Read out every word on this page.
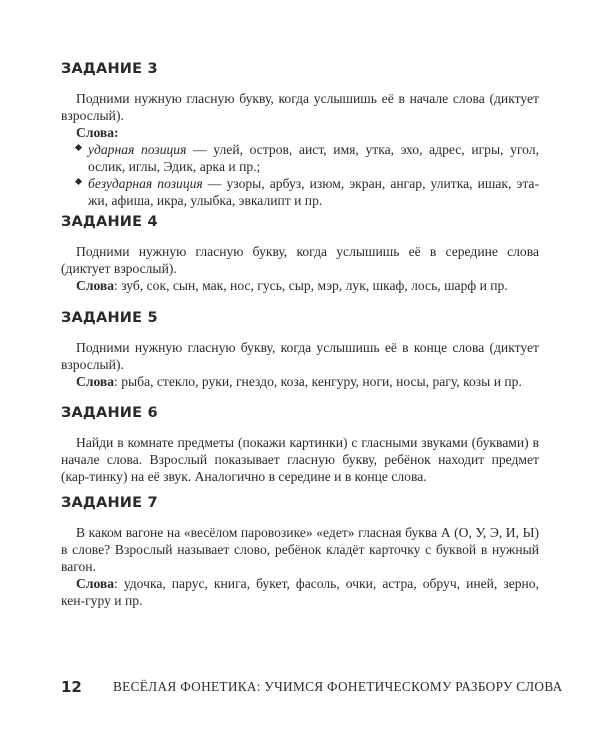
ЗАДАНИЕ 3

Подними нужную гласную букву, когда услышишь её в начале слова (диктует взрослый).

Слова:

ударная позиция — улей, остров, аист, имя, утка, эхо, адрес, игры, угол, ослик, иглы, Эдик, арка и пр.;
безударная позиция — узоры, арбуз, изюм, экран, ангар, улитка, ишак, эта-жи, афиша, икра, улыбка, эвкалипт и пр.
ЗАДАНИЕ 4

Подними нужную гласную букву, когда услышишь её в середине слова (диктует взрослый).

Слова: зуб, сок, сын, мак, нос, гусь, сыр, мэр, лук, шкаф, лось, шарф и пр.

ЗАДАНИЕ 5

Подними нужную гласную букву, когда услышишь её в конце слова (диктует взрослый).

Слова: рыба, стекло, руки, гнездо, коза, кенгуру, ноги, носы, рагу, козы и пр.

ЗАДАНИЕ 6

Найди в комнате предметы (покажи картинки) с гласными звуками (буквами) в начале слова. Взрослый показывает гласную букву, ребёнок находит предмет (кар-тинку) на её звук. Аналогично в середине и в конце слова.

ЗАДАНИЕ 7

В каком вагоне на «весёлом паровозике» «едет» гласная буква А (О, У, Э, И, Ы) в слове? Взрослый называет слово, ребёнок кладёт карточку с буквой в нужный вагон.

Слова: удочка, парус, книга, букет, фасоль, очки, астра, обруч, иней, зерно, кен-гуру и пр.

12 ВЕСЁЛАЯ ФОНЕТИКА: УЧИМСЯ ФОНЕТИЧЕСКОМУ РАЗБОРУ СЛОВА
